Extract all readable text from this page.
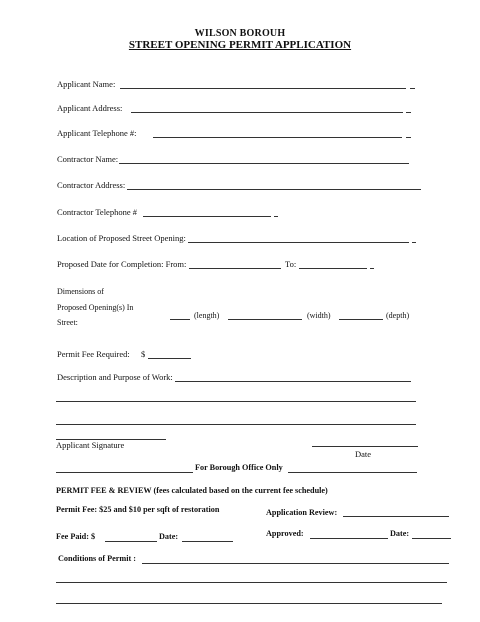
WILSON BOROUH
STREET OPENING PERMIT APPLICATION
Applicant Name:
Applicant Address:
Applicant Telephone #:
Contractor Name:
Contractor Address:
Contractor Telephone #
Location of Proposed Street Opening:
Proposed Date for Completion: From:	To:
Dimensions of
Proposed Opening(s) In
Street:
(length)	(width)	(depth)
Permit Fee Required: $
Description and Purpose of Work:
Applicant Signature
Date
For Borough Office Only
PERMIT FEE & REVIEW (fees calculated based on the current fee schedule)
Permit Fee: $25 and $10 per sqft of restoration	Application Review:
Fee Paid: $	Date:	Approved:	Date:
Conditions of Permit :
